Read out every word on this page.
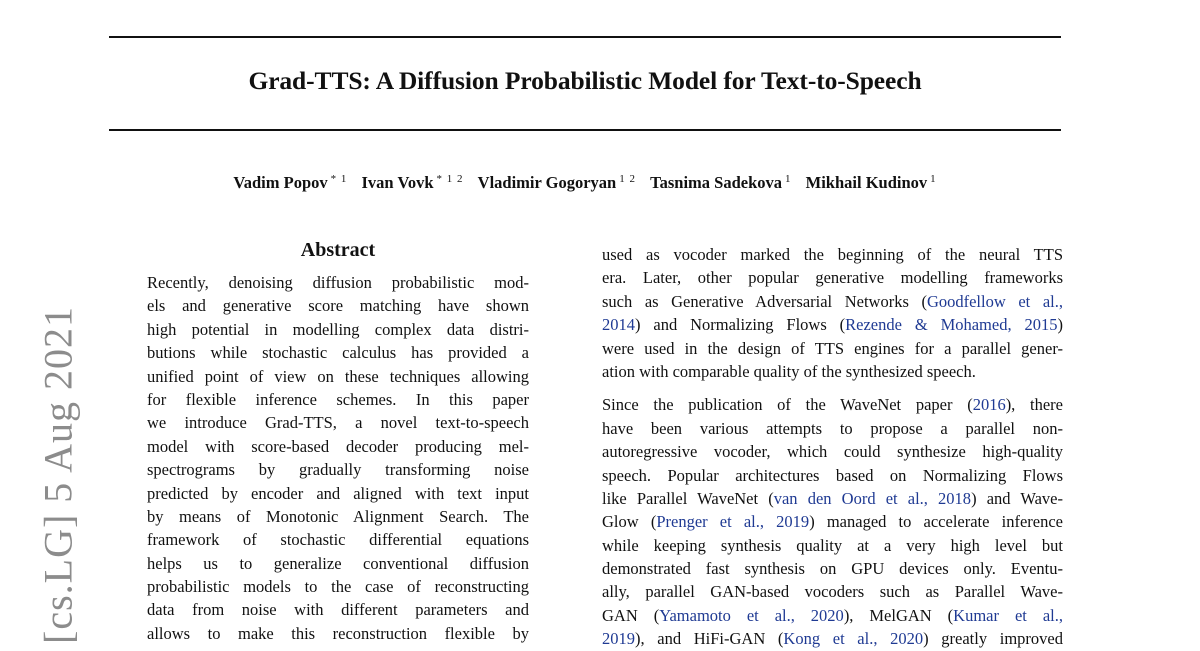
Grad-TTS: A Diffusion Probabilistic Model for Text-to-Speech
Vadim Popov $^{* 1}$ Ivan Vovk $^{* 1 2}$ Vladimir Gogoryan $^{1 2}$ Tasnima Sadekova $^1$ Mikhail Kudinov $^1$
[cs.LG] 5 Aug 2021
Abstract
Recently, denoising diffusion probabilistic mod-
els and generative score matching have shown
high potential in modelling complex data distri-
butions while stochastic calculus has provided a
unified point of view on these techniques allowing
for flexible inference schemes. In this paper
we introduce Grad-TTS, a novel text-to-speech
model with score-based decoder producing mel-
spectrograms by gradually transforming noise
predicted by encoder and aligned with text input
by means of Monotonic Alignment Search. The
framework of stochastic differential equations
helps us to generalize conventional diffusion
probabilistic models to the case of reconstructing
data from noise with different parameters and
allows to make this reconstruction flexible by
used as vocoder marked the beginning of the neural TTS
era. Later, other popular generative modelling frameworks
such as Generative Adversarial Networks (Goodfellow et al.,
2014) and Normalizing Flows (Rezende & Mohamed, 2015)
were used in the design of TTS engines for a parallel gener-
ation with comparable quality of the synthesized speech.
Since the publication of the WaveNet paper (2016), there
have been various attempts to propose a parallel non-
autoregressive vocoder, which could synthesize high-quality
speech. Popular architectures based on Normalizing Flows
like Parallel WaveNet (van den Oord et al., 2018) and Wave-
Glow (Prenger et al., 2019) managed to accelerate inference
while keeping synthesis quality at a very high level but
demonstrated fast synthesis on GPU devices only. Eventu-
ally, parallel GAN-based vocoders such as Parallel Wave-
GAN (Yamamoto et al., 2020), MelGAN (Kumar et al.,
2019), and HiFi-GAN (Kong et al., 2020) greatly improved
